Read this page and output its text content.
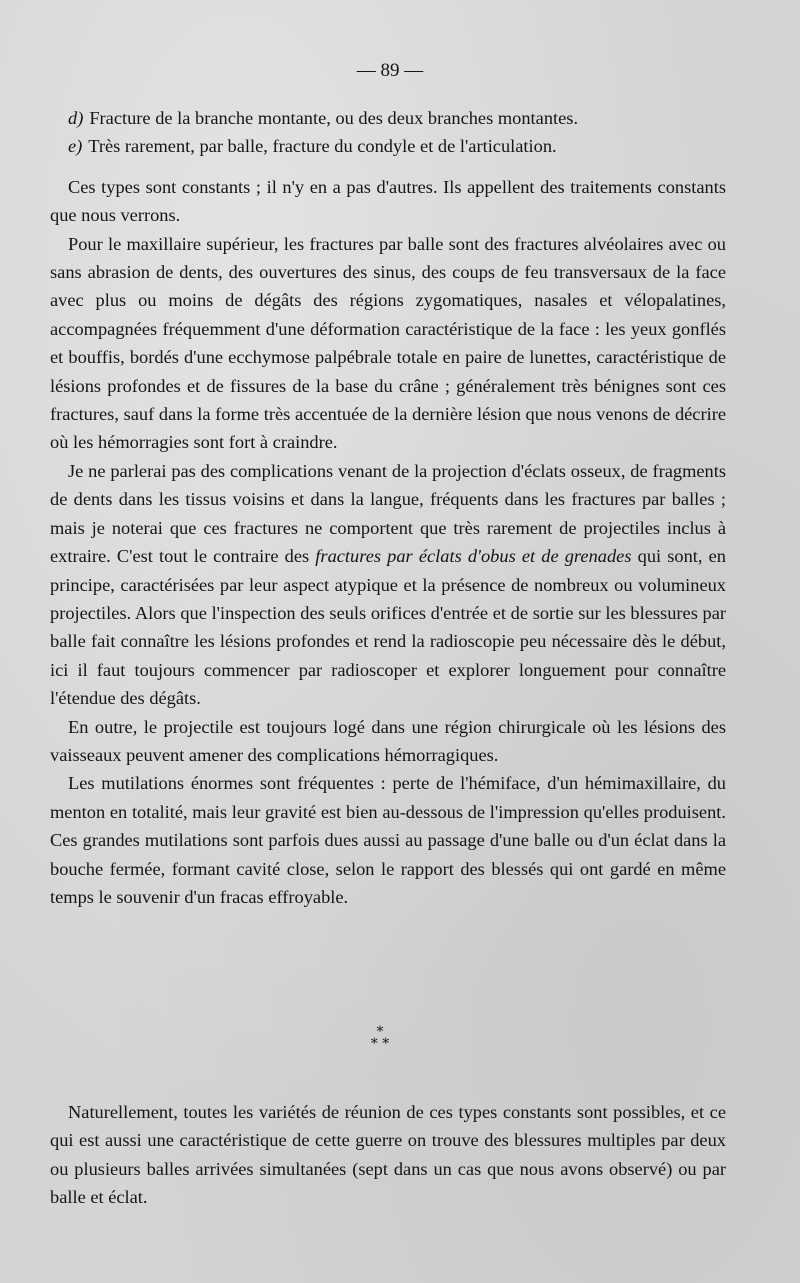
— 89 —

d) Fracture de la branche montante, ou des deux branches montantes.

e) Très rarement, par balle, fracture du condyle et de l'articulation.

Ces types sont constants ; il n'y en a pas d'autres. Ils appellent des traitements constants que nous verrons.

Pour le maxillaire supérieur, les fractures par balle sont des fractures alvéolaires avec ou sans abrasion de dents, des ouvertures des sinus, des coups de feu transversaux de la face avec plus ou moins de dégâts des régions zygomatiques, nasales et vélopalatines, accompagnées fréquemment d'une déformation caractéristique de la face : les yeux gonflés et bouffis, bordés d'une ecchymose palpébrale totale en paire de lunettes, caractéristique de lésions profondes et de fissures de la base du crâne ; généralement très bénignes sont ces fractures, sauf dans la forme très accentuée de la dernière lésion que nous venons de décrire où les hémorragies sont fort à craindre.

Je ne parlerai pas des complications venant de la projection d'éclats osseux, de fragments de dents dans les tissus voisins et dans la langue, fréquents dans les fractures par balles ; mais je noterai que ces fractures ne comportent que très rarement de projectiles inclus à extraire. C'est tout le contraire des fractures par éclats d'obus et de grenades qui sont, en principe, caractérisées par leur aspect atypique et la présence de nombreux ou volumineux projectiles. Alors que l'inspection des seuls orifices d'entrée et de sortie sur les blessures par balle fait connaître les lésions profondes et rend la radioscopie peu nécessaire dès le début, ici il faut toujours commencer par radioscoper et explorer longuement pour connaître l'étendue des dégâts.

En outre, le projectile est toujours logé dans une région chirurgicale où les lésions des vaisseaux peuvent amener des complications hémorragiques.

Les mutilations énormes sont fréquentes : perte de l'hémiface, d'un hémimaxillaire, du menton en totalité, mais leur gravité est bien au-dessous de l'impression qu'elles produisent. Ces grandes mutilations sont parfois dues aussi au passage d'une balle ou d'un éclat dans la bouche fermée, formant cavité close, selon le rapport des blessés qui ont gardé en même temps le souvenir d'un fracas effroyable.

*
* *

Naturellement, toutes les variétés de réunion de ces types constants sont possibles, et ce qui est aussi une caractéristique de cette guerre on trouve des blessures multiples par deux ou plusieurs balles arrivées simultanées (sept dans un cas que nous avons observé) ou par balle et éclat.
